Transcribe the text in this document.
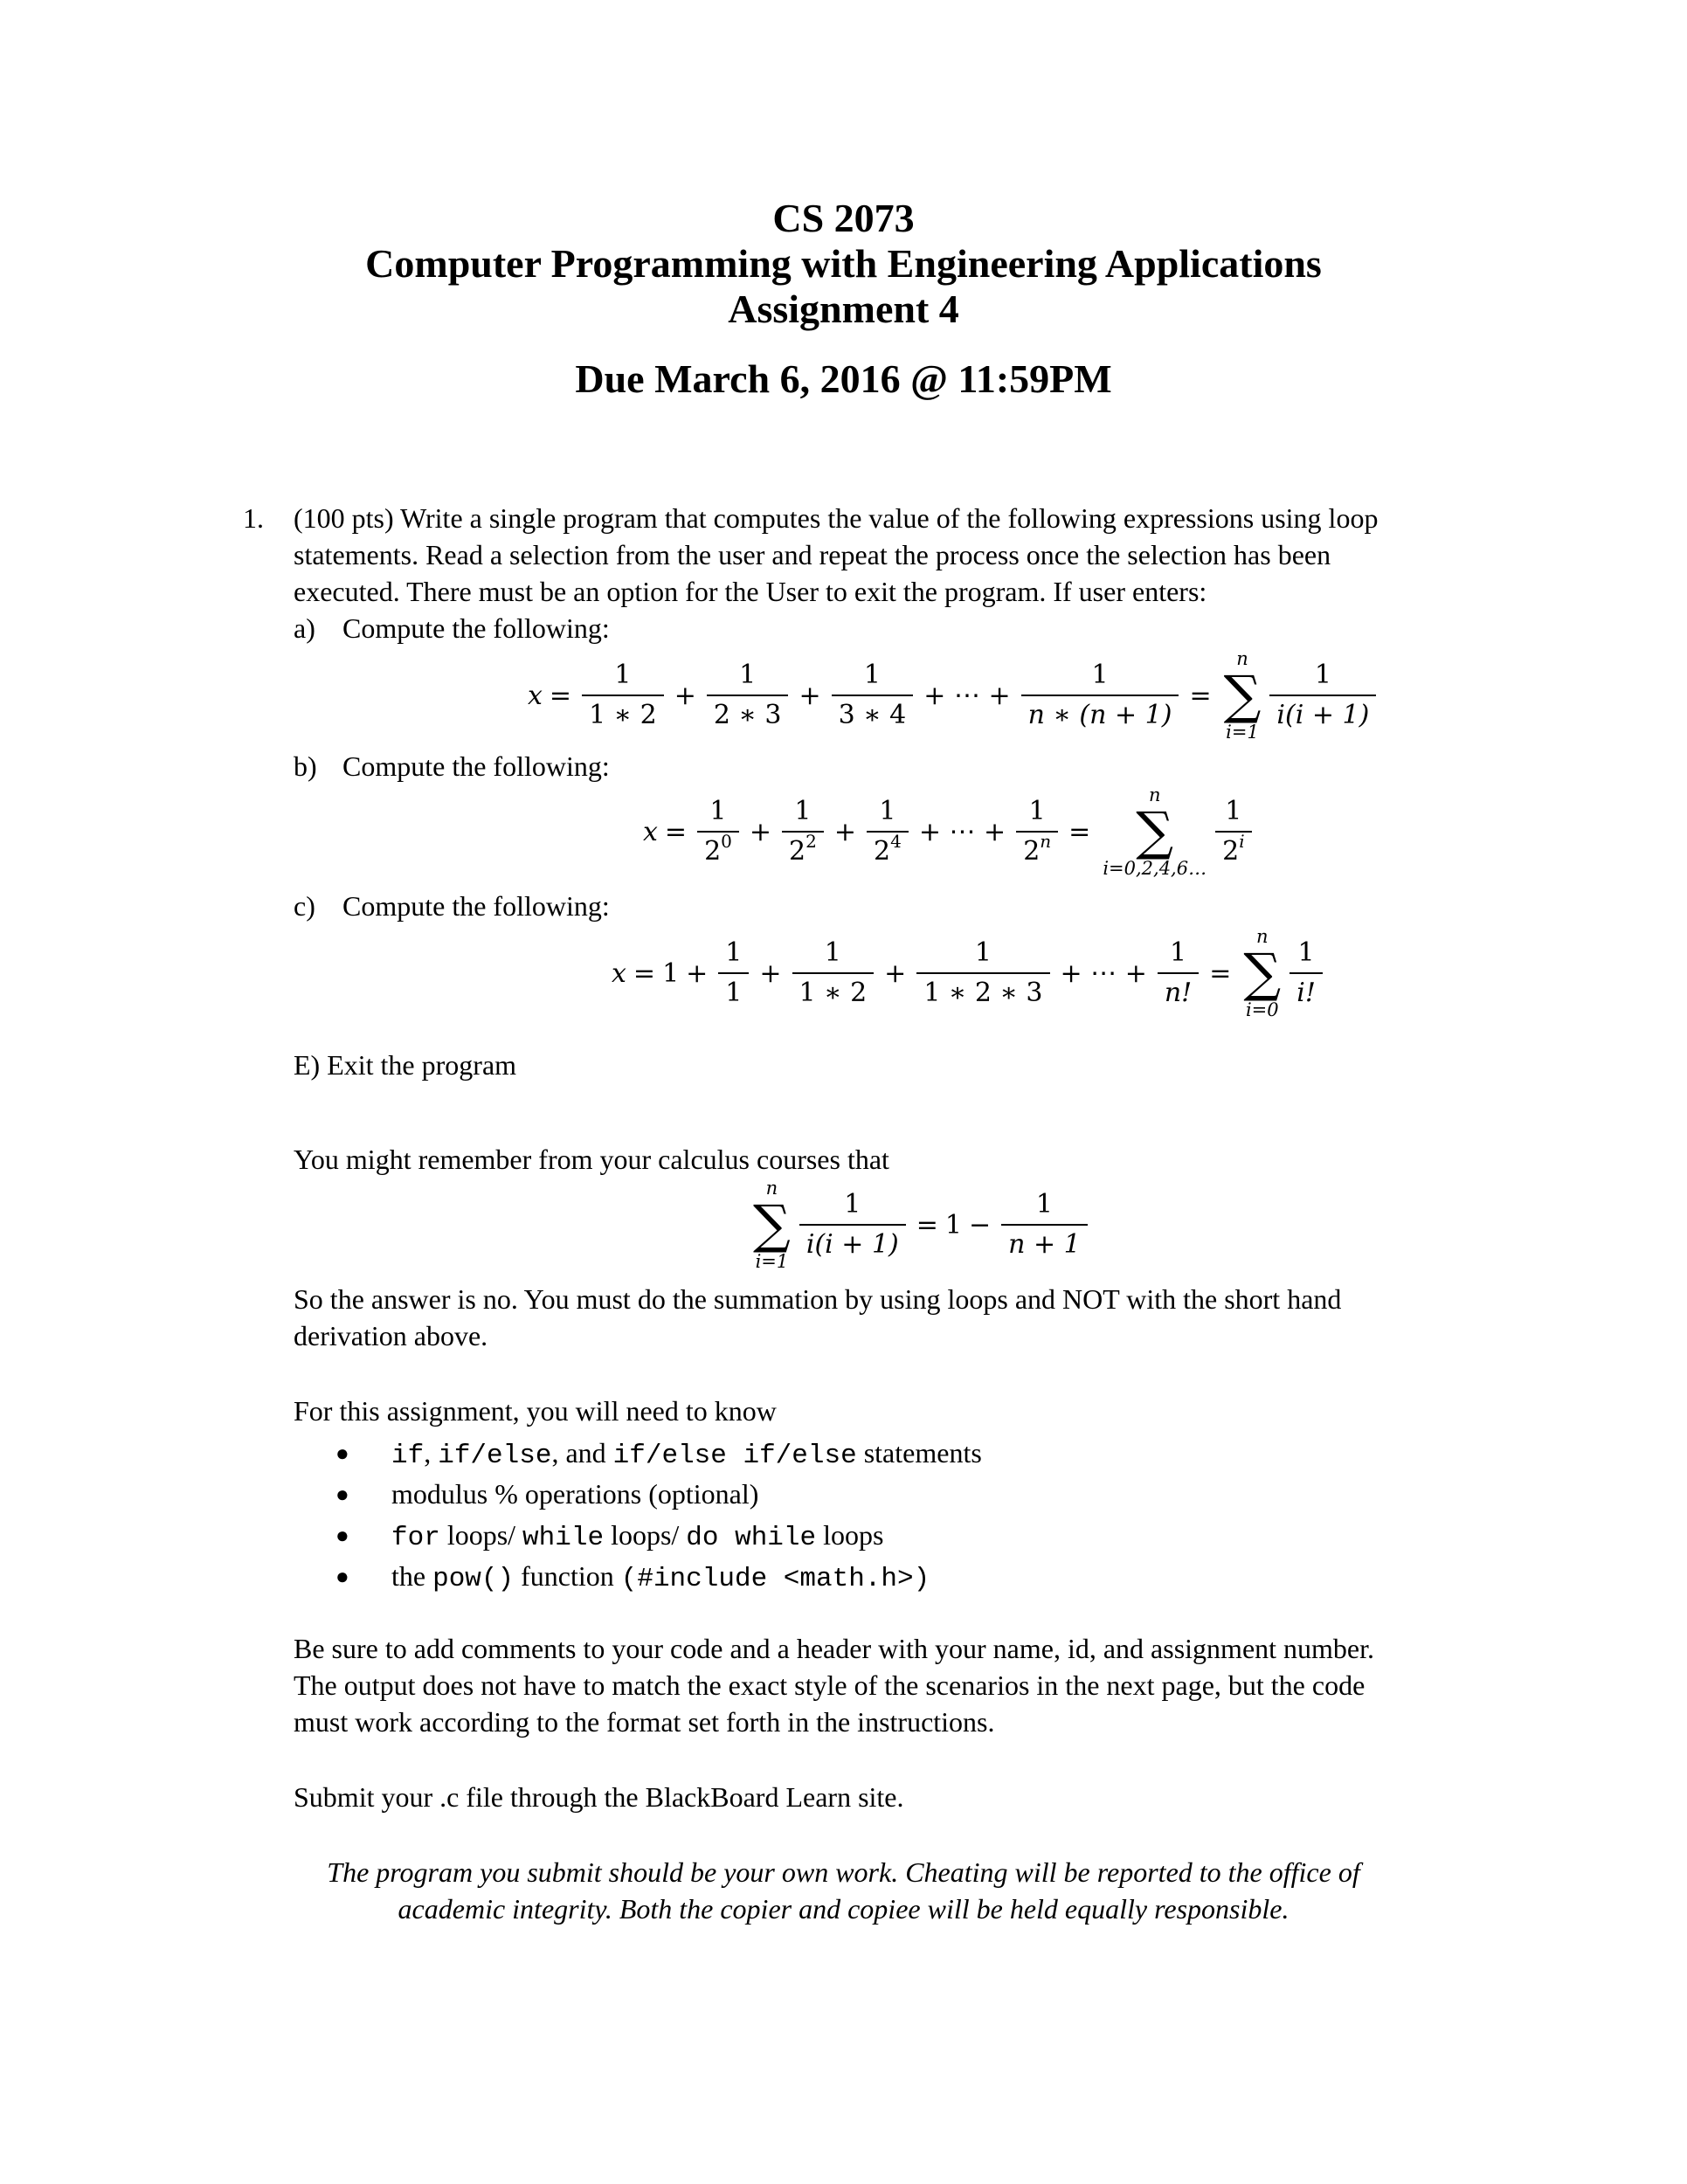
CS 2073
Computer Programming with Engineering Applications
Assignment 4
Due March 6, 2016 @ 11:59PM
1. (100 pts) Write a single program that computes the value of the following expressions using loop
statements. Read a selection from the user and repeat the process once the selection has been
executed. There must be an option for the User to exit the program. If user enters:
a) Compute the following:
$x = \frac{1}{1 ∗ 2} + \frac{1}{2 ∗ 3} + \frac{1}{3 ∗ 4}$ + ⋯ + $\frac{1}{n ∗ (n + 1)}$ =
n
∑
i=1
$\frac{1}{i(i + 1)}$
b) Compute the following:
$x = \frac{1}{2^0} + \frac{1}{2^2} + \frac{1}{2^4}$ + ⋯ + $\frac{1}{2^n}$ =
n
∑
i=0,2,4,6…
$\frac{1}{2^i}$
c) Compute the following:
$x = 1 + \frac{1}{1} + \frac{1}{1 ∗ 2} + \frac{1}{1 ∗ 2 ∗ 3}$ + ⋯ + $\frac{1}{n!}$ =
n
∑
i=0
$\frac{1}{i!}$
E) Exit the program
You might remember from your calculus courses that
n
∑
i=1
$\frac{1}{i(i + 1)} = 1 - \frac{1}{n + 1}$
So the answer is no. You must do the summation by using loops and NOT with the short hand
derivation above.
For this assignment, you will need to know
● if, if/else, and if/else if/else statements
● modulus % operations (optional)
● for loops/ while loops/ do while loops
● the pow() function (#include <math.h>)
Be sure to add comments to your code and a header with your name, id, and assignment number.
The output does not have to match the exact style of the scenarios in the next page, but the code
must work according to the format set forth in the instructions.
Submit your .c file through the BlackBoard Learn site.
The program you submit should be your own work. Cheating will be reported to the office of
academic integrity. Both the copier and copiee will be held equally responsible.
